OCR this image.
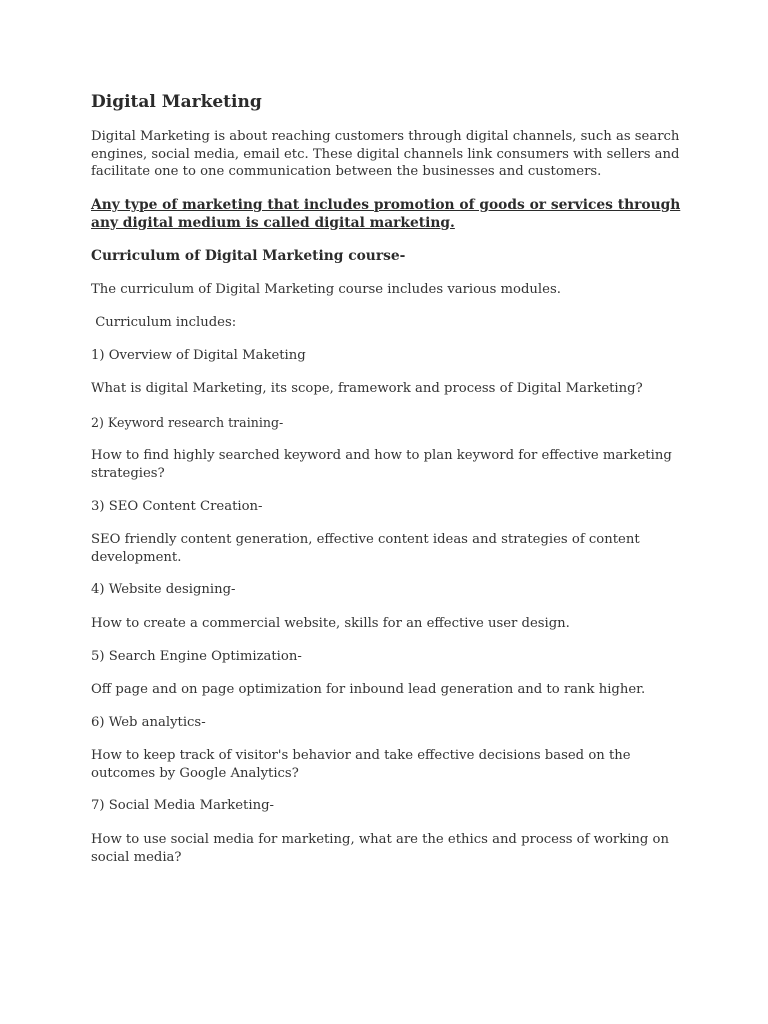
Digital Marketing

Digital Marketing is about reaching customers through digital channels, such as search engines, social media, email etc. These digital channels link consumers with sellers and facilitate one to one communication between the businesses and customers.

Any type of marketing that includes promotion of goods or services through any digital medium is called digital marketing.

Curriculum of Digital Marketing course-

The curriculum of Digital Marketing course includes various modules.

Curriculum includes:

1) Overview of Digital Maketing

What is digital Marketing, its scope, framework and process of Digital Marketing?

2) Keyword research training-

How to find highly searched keyword and how to plan keyword for effective marketing strategies?

3) SEO Content Creation-

SEO friendly content generation, effective content ideas and strategies of content development.

4) Website designing-

How to create a commercial website, skills for an effective user design.

5) Search Engine Optimization-

Off page and on page optimization for inbound lead generation and to rank higher.

6) Web analytics-

How to keep track of visitor's behavior and take effective decisions based on the outcomes by Google Analytics?

7) Social Media Marketing-

How to use social media for marketing, what are the ethics and process of working on social media?
